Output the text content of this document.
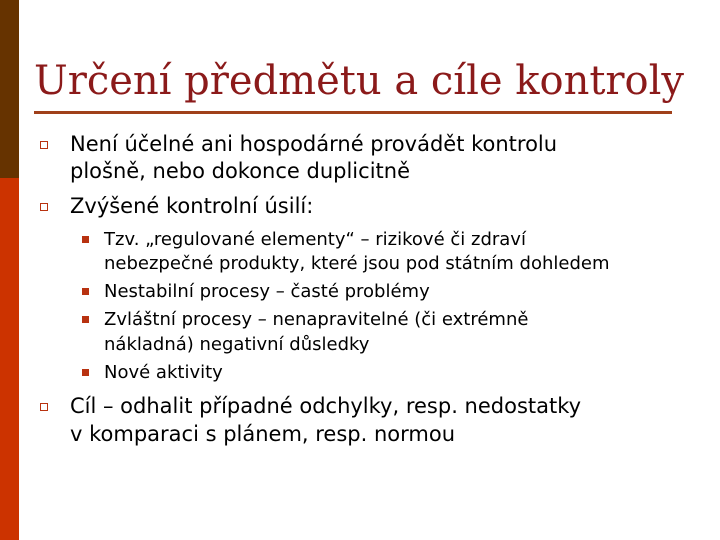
Určení předmětu a cíle kontroly
Není účelné ani hospodárné provádět kontrolu
plošně, nebo dokonce duplicitně
Zvýšené kontrolní úsilí:
Tzv. „regulované elementy“ – rizikové či zdraví
nebezpečné produkty, které jsou pod státním dohledem
Nestabilní procesy – časté problémy
Zvláštní procesy – nenapravitelné (či extrémně
nákladná) negativní důsledky
Nové aktivity
Cíl – odhalit případné odchylky, resp. nedostatky
v komparaci s plánem, resp. normou
